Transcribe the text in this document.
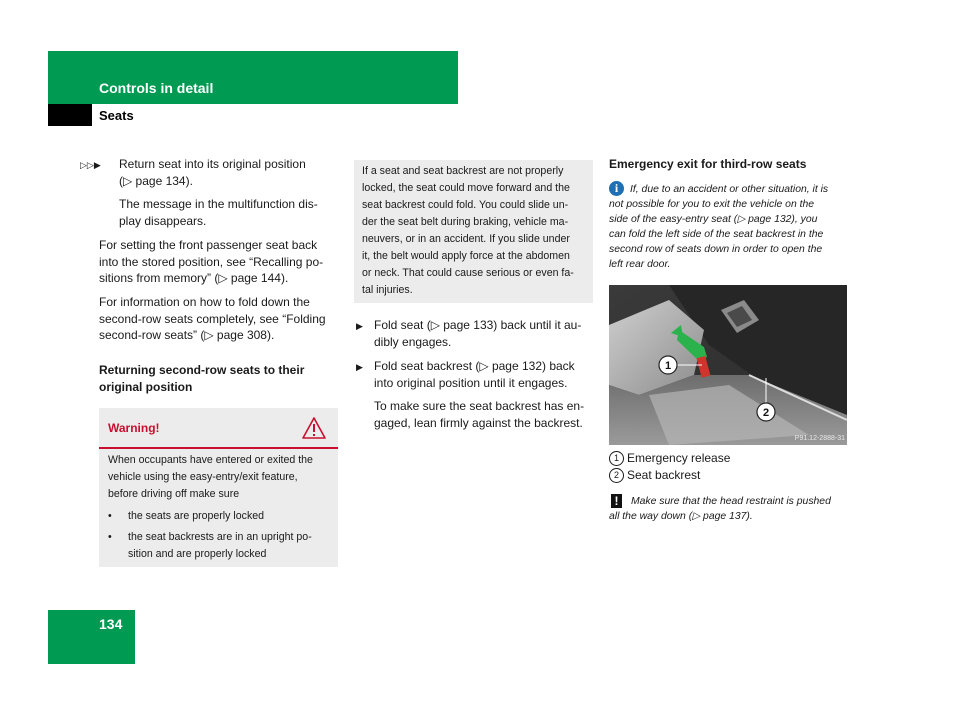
Controls in detail
Seats
▷▷▶ Return seat into its original position
(▷ page 134).
The message in the multifunction dis-
play disappears.
For setting the front passenger seat back
into the stored position, see “Recalling po-
sitions from memory” (▷ page 144).
For information on how to fold down the
second-row seats completely, see “Folding
second-row seats” (▷ page 308).
Returning second-row seats to their
original position
Warning!
When occupants have entered or exited the
vehicle using the easy-entry/exit feature,
before driving off make sure
• the seats are properly locked
• the seat backrests are in an upright po-
sition and are properly locked
If a seat and seat backrest are not properly
locked, the seat could move forward and the
seat backrest could fold. You could slide un-
der the seat belt during braking, vehicle ma-
neuvers, or in an accident. If you slide under
it, the belt would apply force at the abdomen
or neck. That could cause serious or even fa-
tal injuries.
▶ Fold seat (▷ page 133) back until it au-
dibly engages.
▶ Fold seat backrest (▷ page 132) back
into original position until it engages.
To make sure the seat backrest has en-
gaged, lean firmly against the backrest.
Emergency exit for third-row seats
i	If, due to an accident or other situation, it is
not possible for you to exit the vehicle on the
side of the easy-entry seat (▷ page 132), you
can fold the left side of the seat backrest in the
second row of seats down in order to open the
left rear door.
1
2
P91.12-2888-31
1 Emergency release
2 Seat backrest
!	Make sure that the head restraint is pushed
all the way down (▷ page 137).
134
